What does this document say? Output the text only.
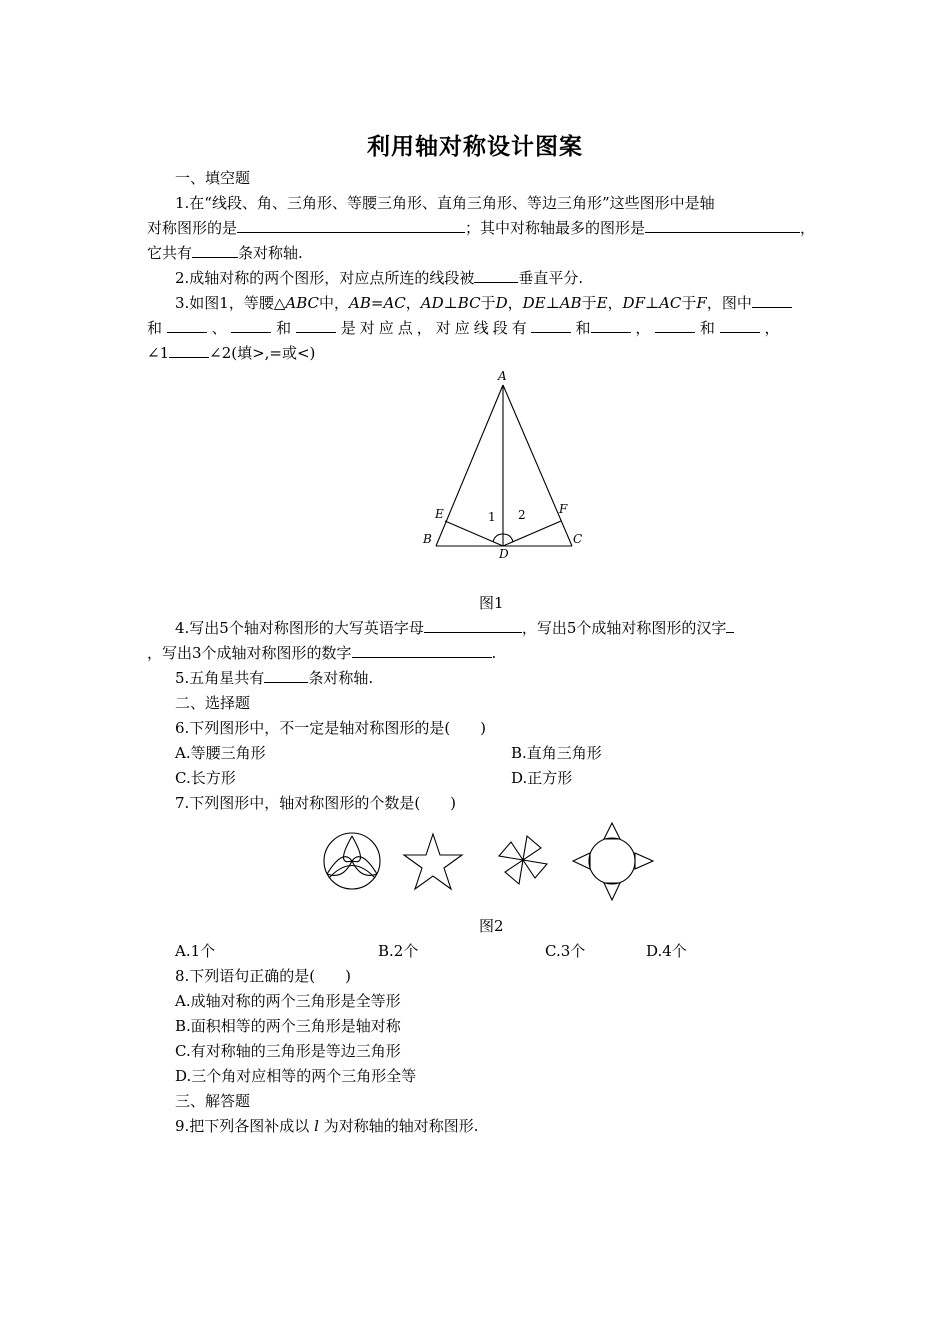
利用轴对称设计图案
一、填空题
1.在“线段、角、三角形、等腰三角形、直角三角形、等边三角形”这些图形中是轴
对称图形的是	；其中对称轴最多的图形是	，
它共有	条对称轴.
2.成轴对称的两个图形，对应点所连的线段被	垂直平分.
3.如图1，等腰△ABC中，AB=AC，AD⊥BC于D，DE⊥AB于E，DF⊥AC于F，图中
和	、	和	是对应点，对应线段有	和	，	和	，
∠1	∠2(填>,=或<)
A
B	C
D
E	F
1 2
图1
4.写出5个轴对称图形的大写英语字母	，写出5个成轴对称图形的汉字
，写出3个成轴对称图形的数字	.
5.五角星共有	条对称轴.
二、选择题
6.下列图形中，不一定是轴对称图形的是(　　)
A.等腰三角形	B.直角三角形
C.长方形	D.正方形
7.下列图形中，轴对称图形的个数是(　　)
图2
A.1个	B.2个	C.3个	D.4个
8.下列语句正确的是(　　)
A.成轴对称的两个三角形是全等形
B.面积相等的两个三角形是轴对称
C.有对称轴的三角形是等边三角形
D.三个角对应相等的两个三角形全等
三、解答题
9.把下列各图补成以 l 为对称轴的轴对称图形.
